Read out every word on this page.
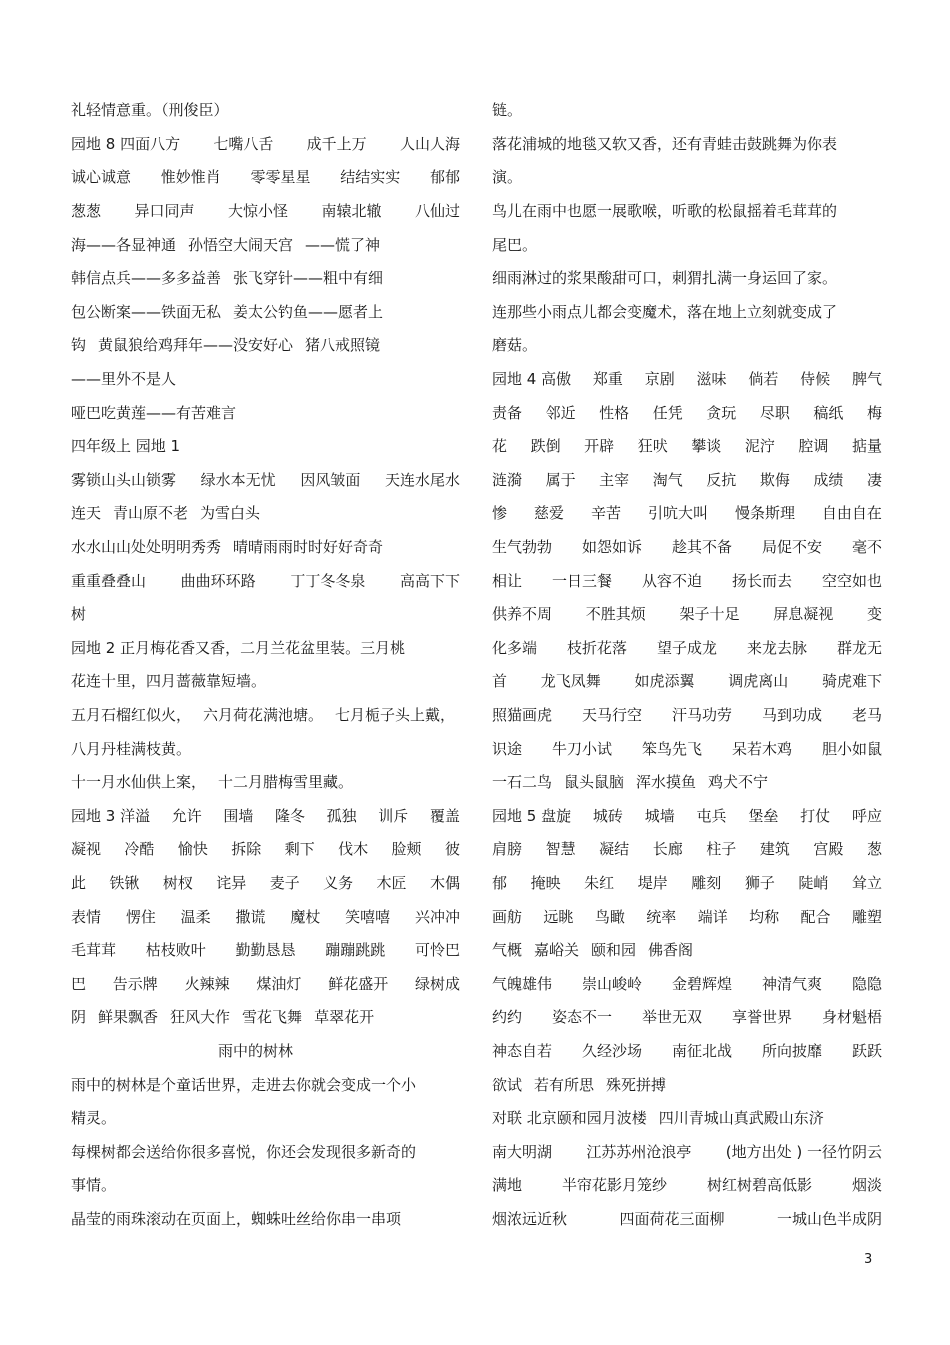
礼轻情意重。（刑俊臣）
园地 8 四面八方 七嘴八舌 成千上万 人山人海
诚心诚意 惟妙惟肖 零零星星 结结实实 郁郁
葱葱 异口同声 大惊小怪 南辕北辙 八仙过
海——各显神通 孙悟空大闹天宫 ——慌了神
韩信点兵——多多益善 张飞穿针——粗中有细
包公断案——铁面无私 姜太公钓鱼——愿者上
钩 黄鼠狼给鸡拜年——没安好心 猪八戒照镜
——里外不是人
哑巴吃黄莲——有苦难言
四年级上 园地 1
雾锁山头山锁雾 绿水本无忧 因风皱面 天连水尾水
连天 青山原不老 为雪白头
水水山山处处明明秀秀 晴晴雨雨时时好好奇奇
重重叠叠山 曲曲环环路 丁丁冬冬泉 高高下下
树
园地 2 正月梅花香又香，二月兰花盆里装。三月桃
花连十里，四月蔷薇靠短墙。
五月石榴红似火， 六月荷花满池塘。 七月栀子头上戴，
八月丹桂满枝黄。
十一月水仙供上案， 十二月腊梅雪里藏。
园地 3 洋溢 允许 围墙 隆冬 孤独 训斥 覆盖
凝视 冷酷 愉快 拆除 剩下 伐木 脸颊 彼
此 铁锹 树杈 诧异 麦子 义务 木匠 木偶
表情 愣住 温柔 撒谎 魔杖 笑嘻嘻 兴冲冲
毛茸茸 枯枝败叶 勤勤恳恳 蹦蹦跳跳 可怜巴
巴 告示牌 火辣辣 煤油灯 鲜花盛开 绿树成
阴 鲜果飘香 狂风大作 雪花飞舞 草翠花开
雨中的树林
雨中的树林是个童话世界，走进去你就会变成一个小
精灵。
每棵树都会送给你很多喜悦，你还会发现很多新奇的
事情。
晶莹的雨珠滚动在页面上，蜘蛛吐丝给你串一串项
链。
落花浦城的地毯又软又香，还有青蛙击鼓跳舞为你表
演。
鸟儿在雨中也愿一展歌喉，听歌的松鼠摇着毛茸茸的
尾巴。
细雨淋过的浆果酸甜可口，刺猬扎满一身运回了家。
连那些小雨点儿都会变魔术，落在地上立刻就变成了
磨菇。
园地 4 高傲 郑重 京剧 滋味 倘若 侍候 脾气
责备 邻近 性格 任凭 贪玩 尽职 稿纸 梅
花 跌倒 开辟 狂吠 攀谈 泥泞 腔调 掂量
涟漪 属于 主宰 淘气 反抗 欺侮 成绩 凄
惨 慈爱 辛苦 引吭大叫 慢条斯理 自由自在
生气勃勃 如怨如诉 趁其不备 局促不安 毫不
相让 一日三餐 从容不迫 扬长而去 空空如也
供养不周 不胜其烦 架子十足 屏息凝视 变
化多端 枝折花落 望子成龙 来龙去脉 群龙无
首 龙飞凤舞 如虎添翼 调虎离山 骑虎难下
照猫画虎 天马行空 汗马功劳 马到功成 老马
识途 牛刀小试 笨鸟先飞 呆若木鸡 胆小如鼠
一石二鸟 鼠头鼠脑 浑水摸鱼 鸡犬不宁
园地 5 盘旋 城砖 城墙 屯兵 堡垒 打仗 呼应
肩膀 智慧 凝结 长廊 柱子 建筑 宫殿 葱
郁 掩映 朱红 堤岸 雕刻 狮子 陡峭 耸立
画舫 远眺 鸟瞰 统率 端详 均称 配合 雕塑
气概 嘉峪关 颐和园 佛香阁
气魄雄伟 崇山峻岭 金碧辉煌 神清气爽 隐隐
约约 姿态不一 举世无双 享誉世界 身材魁梧
神态自若 久经沙场 南征北战 所向披靡 跃跃
欲试 若有所思 殊死拼搏
对联 北京颐和园月波楼 四川青城山真武殿山东济
南大明湖 江苏苏州沧浪亭 (地方出处 ) 一径竹阴云
满地	半帘花影月笼纱	树红树碧高低影	烟淡
烟浓远近秋	四面荷花三面柳	一城山色半成阴
3
